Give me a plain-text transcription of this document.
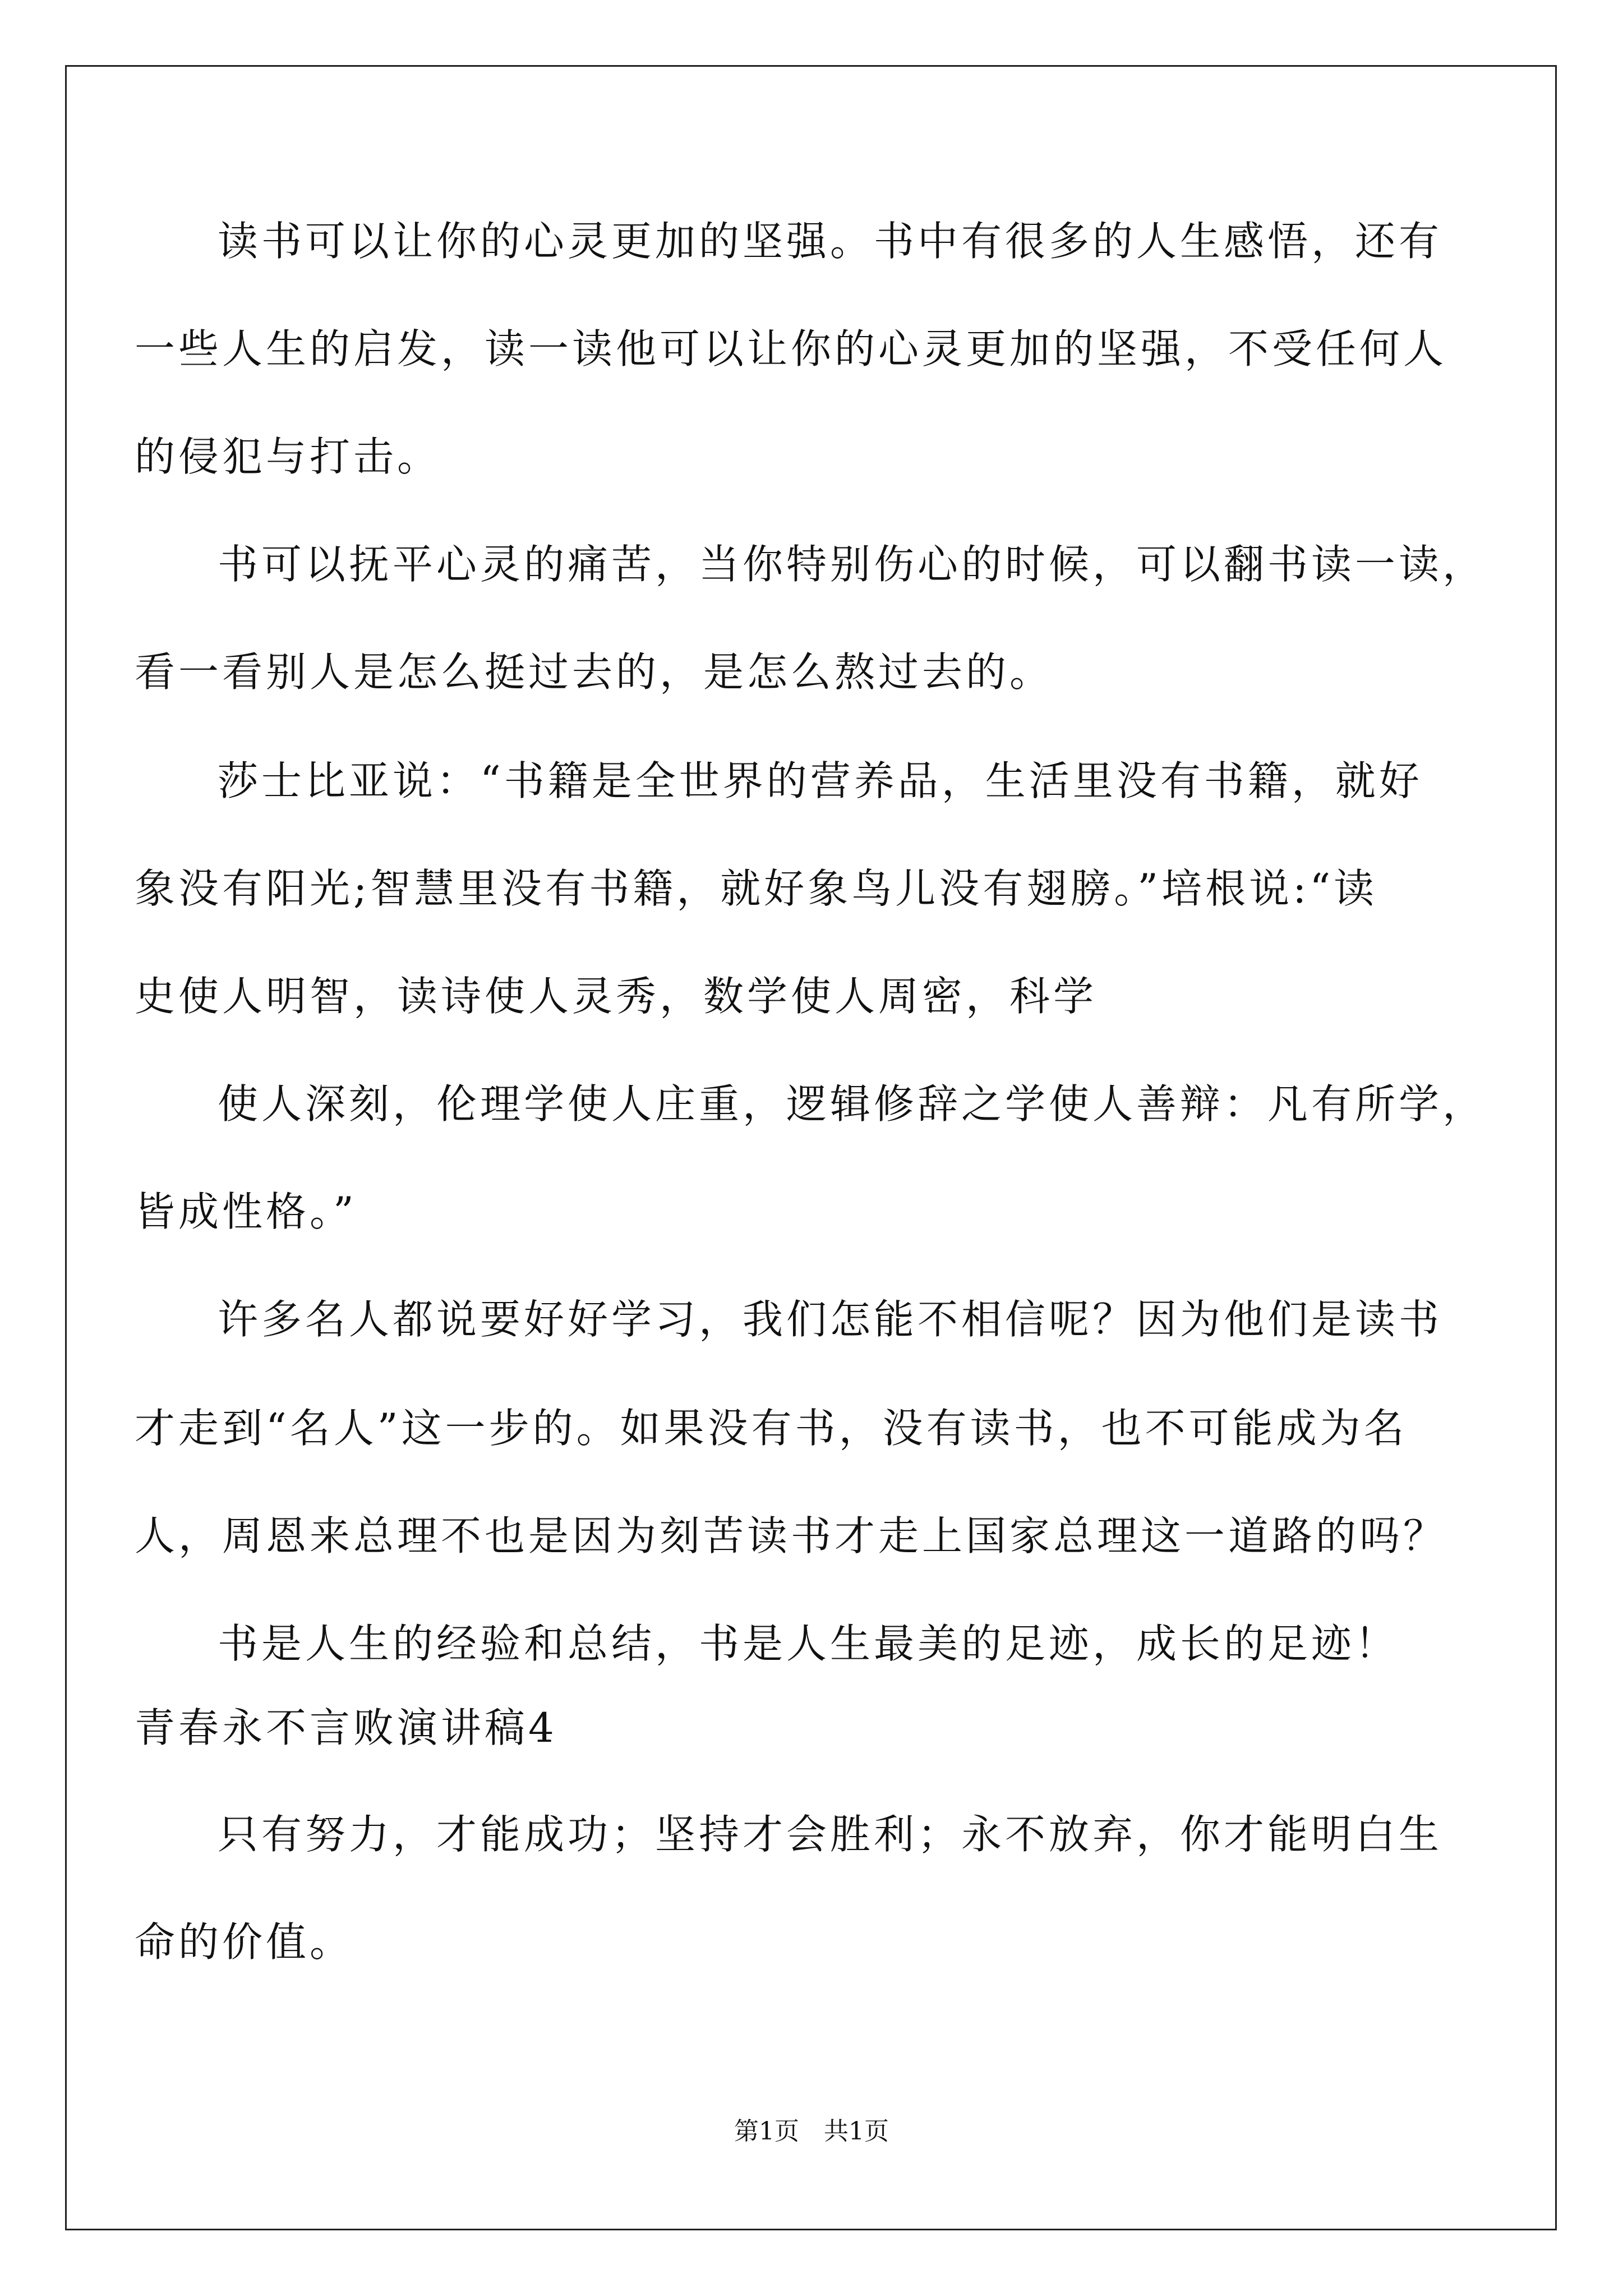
读书可以让你的心灵更加的坚强。书中有很多的人生感悟，还有
一些人生的启发，读一读他可以让你的心灵更加的坚强，不受任何人
的侵犯与打击。
书可以抚平心灵的痛苦，当你特别伤心的时候，可以翻书读一读，
看一看别人是怎么挺过去的，是怎么熬过去的。
莎士比亚说：“书籍是全世界的营养品，生活里没有书籍，就好
象没有阳光;智慧里没有书籍，就好象鸟儿没有翅膀。”培根说:“读
史使人明智，读诗使人灵秀，数学使人周密，科学
使人深刻，伦理学使人庄重，逻辑修辞之学使人善辩：凡有所学，
皆成性格。”
许多名人都说要好好学习，我们怎能不相信呢？因为他们是读书
才走到“名人”这一步的。如果没有书，没有读书，也不可能成为名
人，周恩来总理不也是因为刻苦读书才走上国家总理这一道路的吗？
书是人生的经验和总结，书是人生最美的足迹，成长的足迹！
青春永不言败演讲稿4
只有努力，才能成功；坚持才会胜利；永不放弃，你才能明白生
命的价值。
第1页　共1页
